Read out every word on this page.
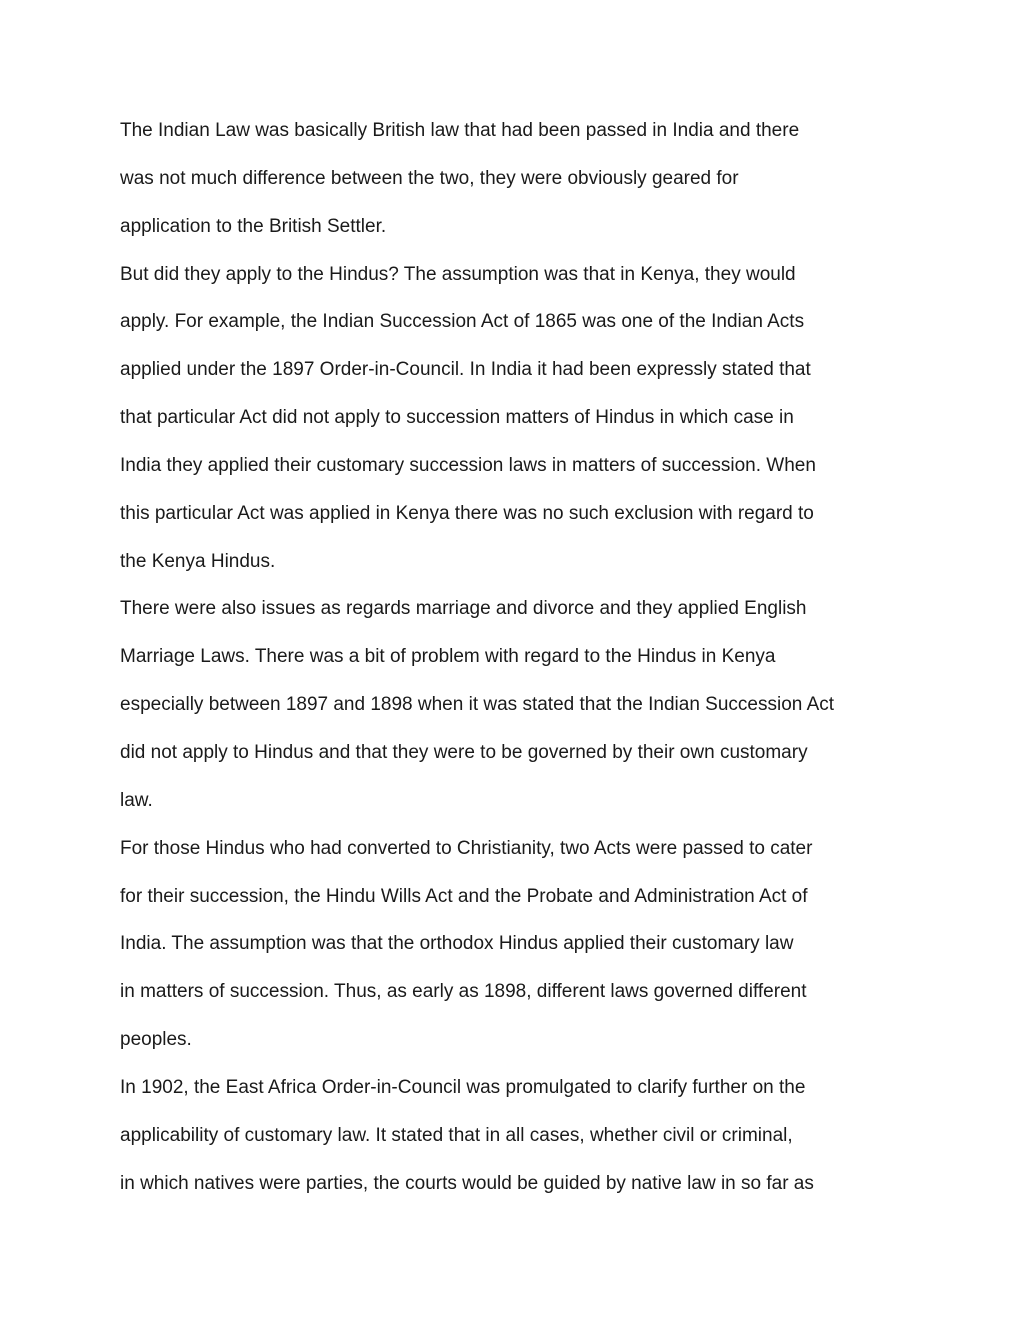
The Indian Law was basically British law that had been passed in India and there
was not much difference between the two, they were obviously geared for
application to the British Settler.
But did they apply to the Hindus? The assumption was that in Kenya, they would
apply. For example, the Indian Succession Act of 1865 was one of the Indian Acts
applied under the 1897 Order-in-Council. In India it had been expressly stated that
that particular Act did not apply to succession matters of Hindus in which case in
India they applied their customary succession laws in matters of succession. When
this particular Act was applied in Kenya there was no such exclusion with regard to
the Kenya Hindus.
There were also issues as regards marriage and divorce and they applied English
Marriage Laws. There was a bit of problem with regard to the Hindus in Kenya
especially between 1897 and 1898 when it was stated that the Indian Succession Act
did not apply to Hindus and that they were to be governed by their own customary
law.
For those Hindus who had converted to Christianity, two Acts were passed to cater
for their succession, the Hindu Wills Act and the Probate and Administration Act of
India. The assumption was that the orthodox Hindus applied their customary law
in matters of succession. Thus, as early as 1898, different laws governed different
peoples.
In 1902, the East Africa Order-in-Council was promulgated to clarify further on the
applicability of customary law. It stated that in all cases, whether civil or criminal,
in which natives were parties, the courts would be guided by native law in so far as
